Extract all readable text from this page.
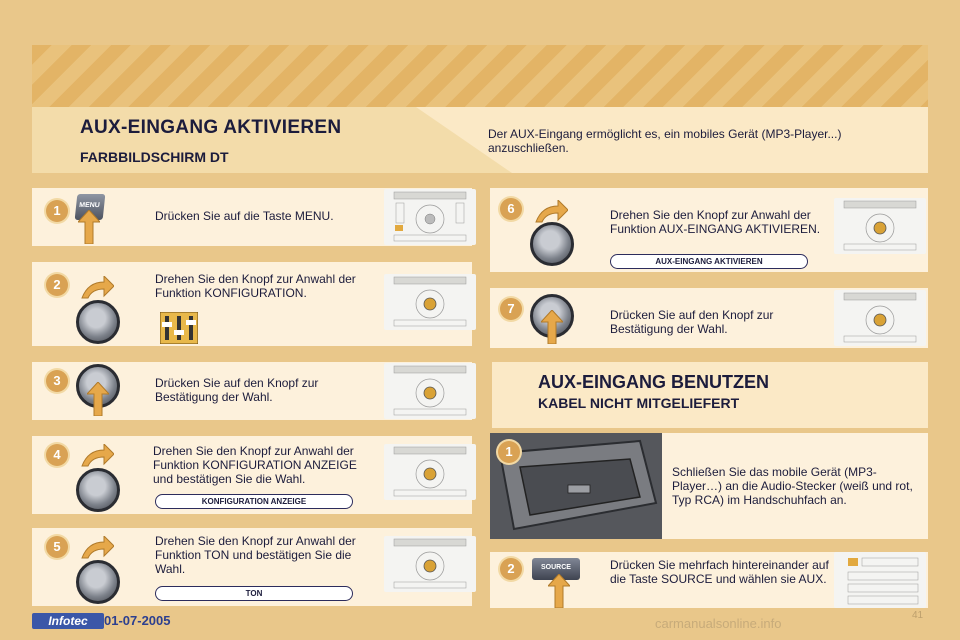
AUX-EINGANG AKTIVIEREN
FARBBILDSCHIRM DT
Der AUX-Eingang ermöglicht es, ein mobiles Gerät (MP3-Player...) anzuschließen.
1	MENU
Drücken Sie auf die Taste MENU.
2	Drehen Sie den Knopf zur Anwahl der Funktion KONFIGURATION.
3	Drücken Sie auf den Knopf zur Bestätigung der Wahl.
4	Drehen Sie den Knopf zur Anwahl der Funktion KONFIGURATION ANZEIGE und bestätigen Sie die Wahl.
KONFIGURATION ANZEIGE
5	Drehen Sie den Knopf zur Anwahl der Funktion TON und bestätigen Sie die Wahl.
TON
6	Drehen Sie den Knopf zur Anwahl der Funktion AUX-EINGANG AKTIVIEREN.
AUX-EINGANG AKTIVIEREN
7	Drücken Sie auf den Knopf zur Bestätigung der Wahl.
AUX-EINGANG BENUTZEN
KABEL NICHT MITGELIEFERT
Schließen Sie das mobile Gerät (MP3-Player…) an die Audio-Stecker (weiß und rot, Typ RCA) im Handschuhfach an.
1
2	SOURCE	Drücken Sie mehrfach hintereinander auf die Taste SOURCE und wählen sie AUX.
Infotec	01-07-2005	carmanualsonline.info
41
